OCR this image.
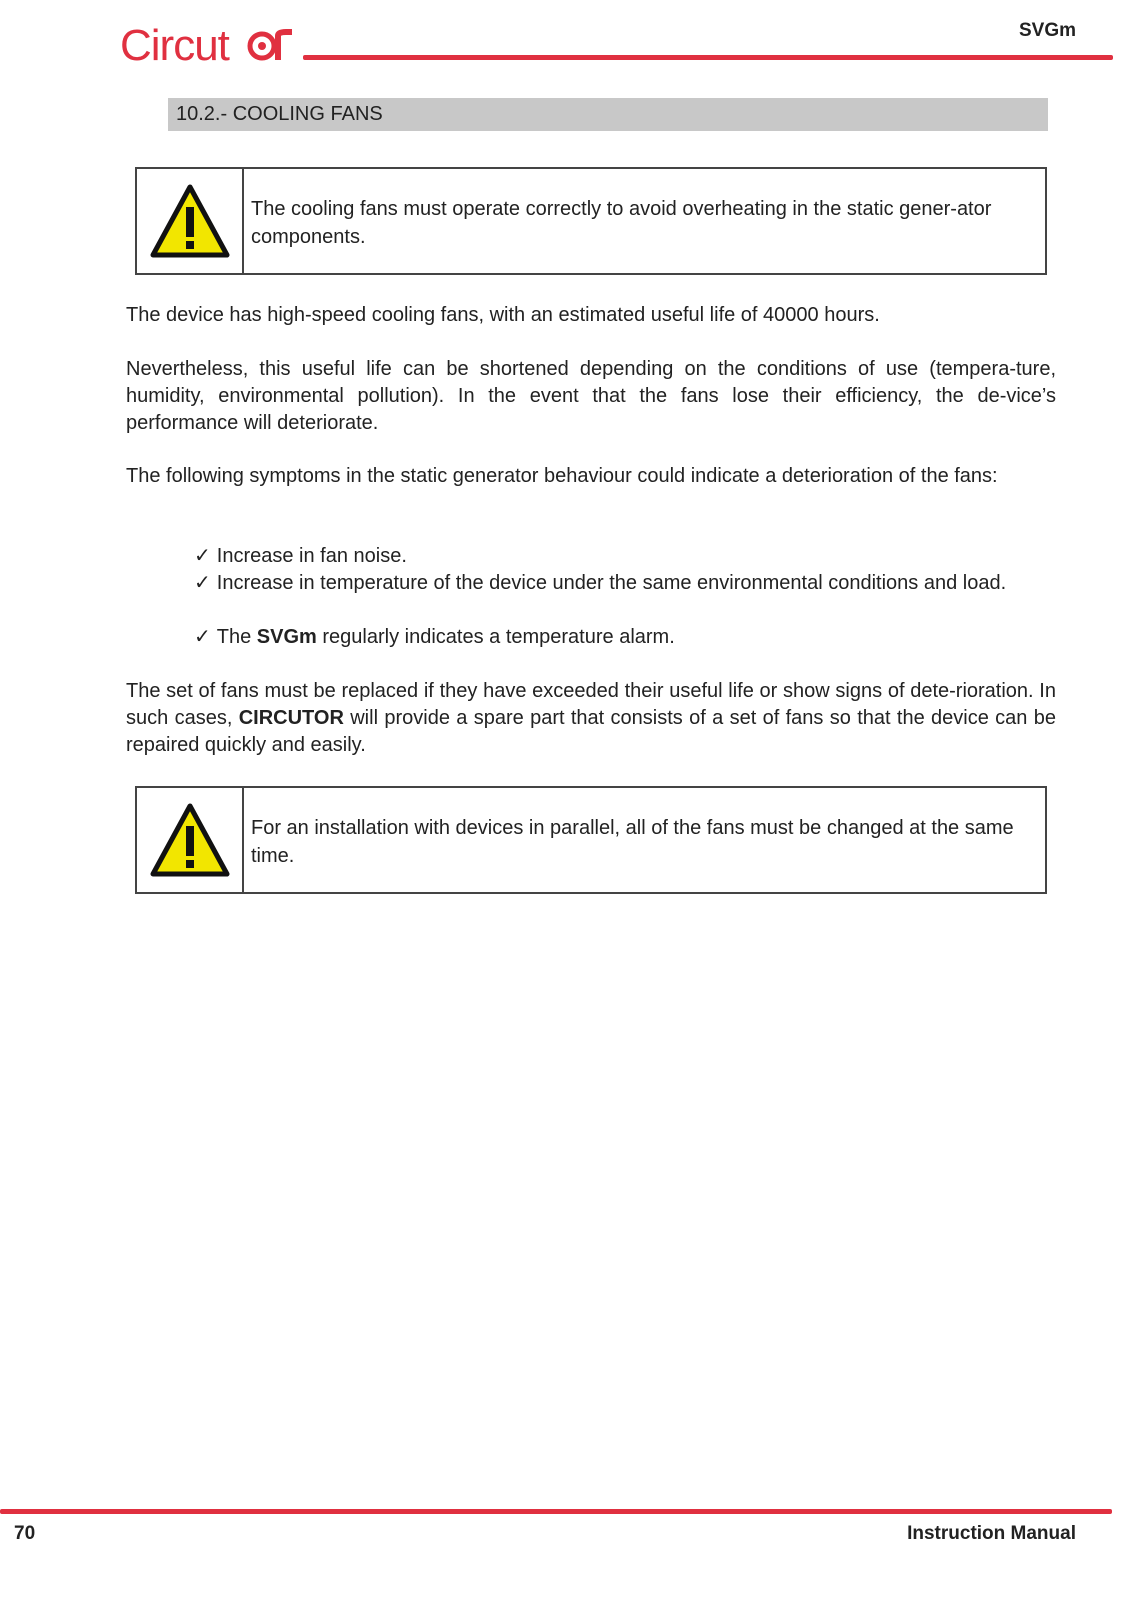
Circut	SVGm
10.2.- COOLING FANS
The cooling fans must operate correctly to avoid overheating in the static gener-ator components.

The device has high-speed cooling fans, with an estimated useful life of 40000 hours.

Nevertheless, this useful life can be shortened depending on the conditions of use (tempera-ture, humidity, environmental pollution). In the event that the fans lose their efficiency, the de-vice’s performance will deteriorate.

The following symptoms in the static generator behaviour could indicate a deterioration of the fans:

✓ Increase in fan noise.

✓ Increase in temperature of the device under the same environmental conditions and load.

✓ The SVGm regularly indicates a temperature alarm.

The set of fans must be replaced if they have exceeded their useful life or show signs of dete-rioration. In such cases, CIRCUTOR will provide a spare part that consists of a set of fans so that the device can be repaired quickly and easily.

For an installation with devices in parallel, all of the fans must be changed at the same time.
70	Instruction Manual
